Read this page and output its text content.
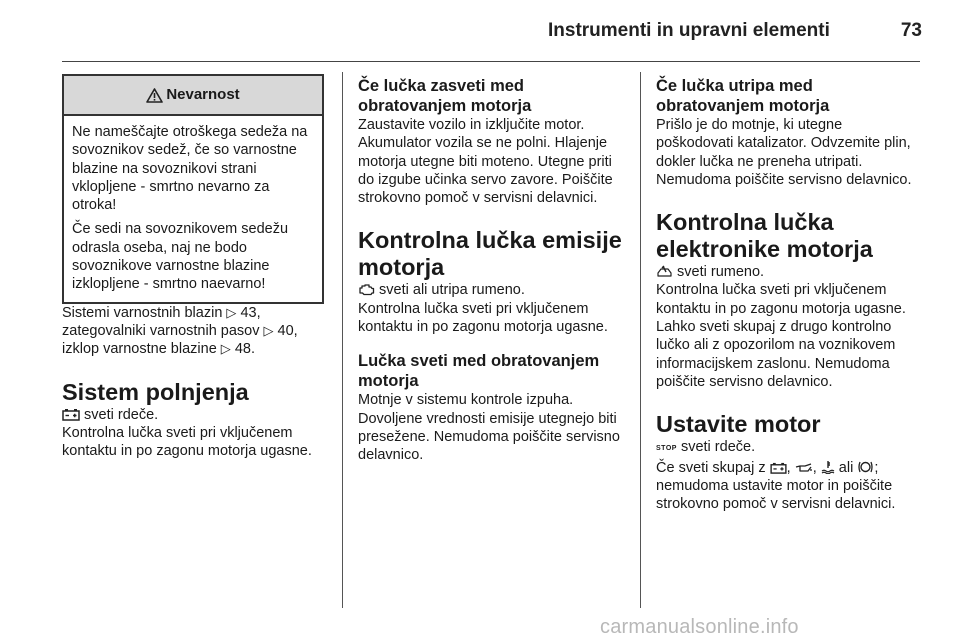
Instrumenti in upravni elementi	73
Nevarnost

Ne nameščajte otroškega sedeža na sovoznikov sedež, če so varnostne blazine na sovoznikovi strani vklopljene - smrtno nevarno za otroka!

Če sedi na sovoznikovem sedežu odrasla oseba, naj ne bodo sovoznikove varnostne blazine izklopljene - smrtno naevarno!

Sistemi varnostnih blazin ▷ 43, zategovalniki varnostnih pasov ▷ 40, izklop varnostne blazine ▷ 48.

Sistem polnjenja

sveti rdeče.

Kontrolna lučka sveti pri vključenem kontaktu in po zagonu motorja ugasne.

Če lučka zasveti med obratovanjem motorja

Zaustavite vozilo in izključite motor. Akumulator vozila se ne polni. Hlajenje motorja utegne biti moteno. Utegne priti do izgube učinka servo zavore. Poiščite strokovno pomoč v servisni delavnici.

Kontrolna lučka emisije motorja

sveti ali utripa rumeno.

Kontrolna lučka sveti pri vključenem kontaktu in po zagonu motorja ugasne.

Lučka sveti med obratovanjem motorja

Motnje v sistemu kontrole izpuha. Dovoljene vrednosti emisije utegnejo biti presežene. Nemudoma poiščite servisno delavnico.

Če lučka utripa med obratovanjem motorja

Prišlo je do motnje, ki utegne poškodovati katalizator. Odvzemite plin, dokler lučka ne preneha utripati. Nemudoma poiščite servisno delavnico.

Kontrolna lučka elektronike motorja

sveti rumeno.

Kontrolna lučka sveti pri vključenem kontaktu in po zagonu motorja ugasne.

Lahko sveti skupaj z drugo kontrolno lučko ali z opozorilom na voznikovem informacijskem zaslonu. Nemudoma poiščite servisno delavnico.

Ustavite motor

STOP sveti rdeče.

Če sveti skupaj z , , ali ; nemudoma ustavite motor in poiščite strokovno pomoč v servisni delavnici.

carmanualsonline.info
